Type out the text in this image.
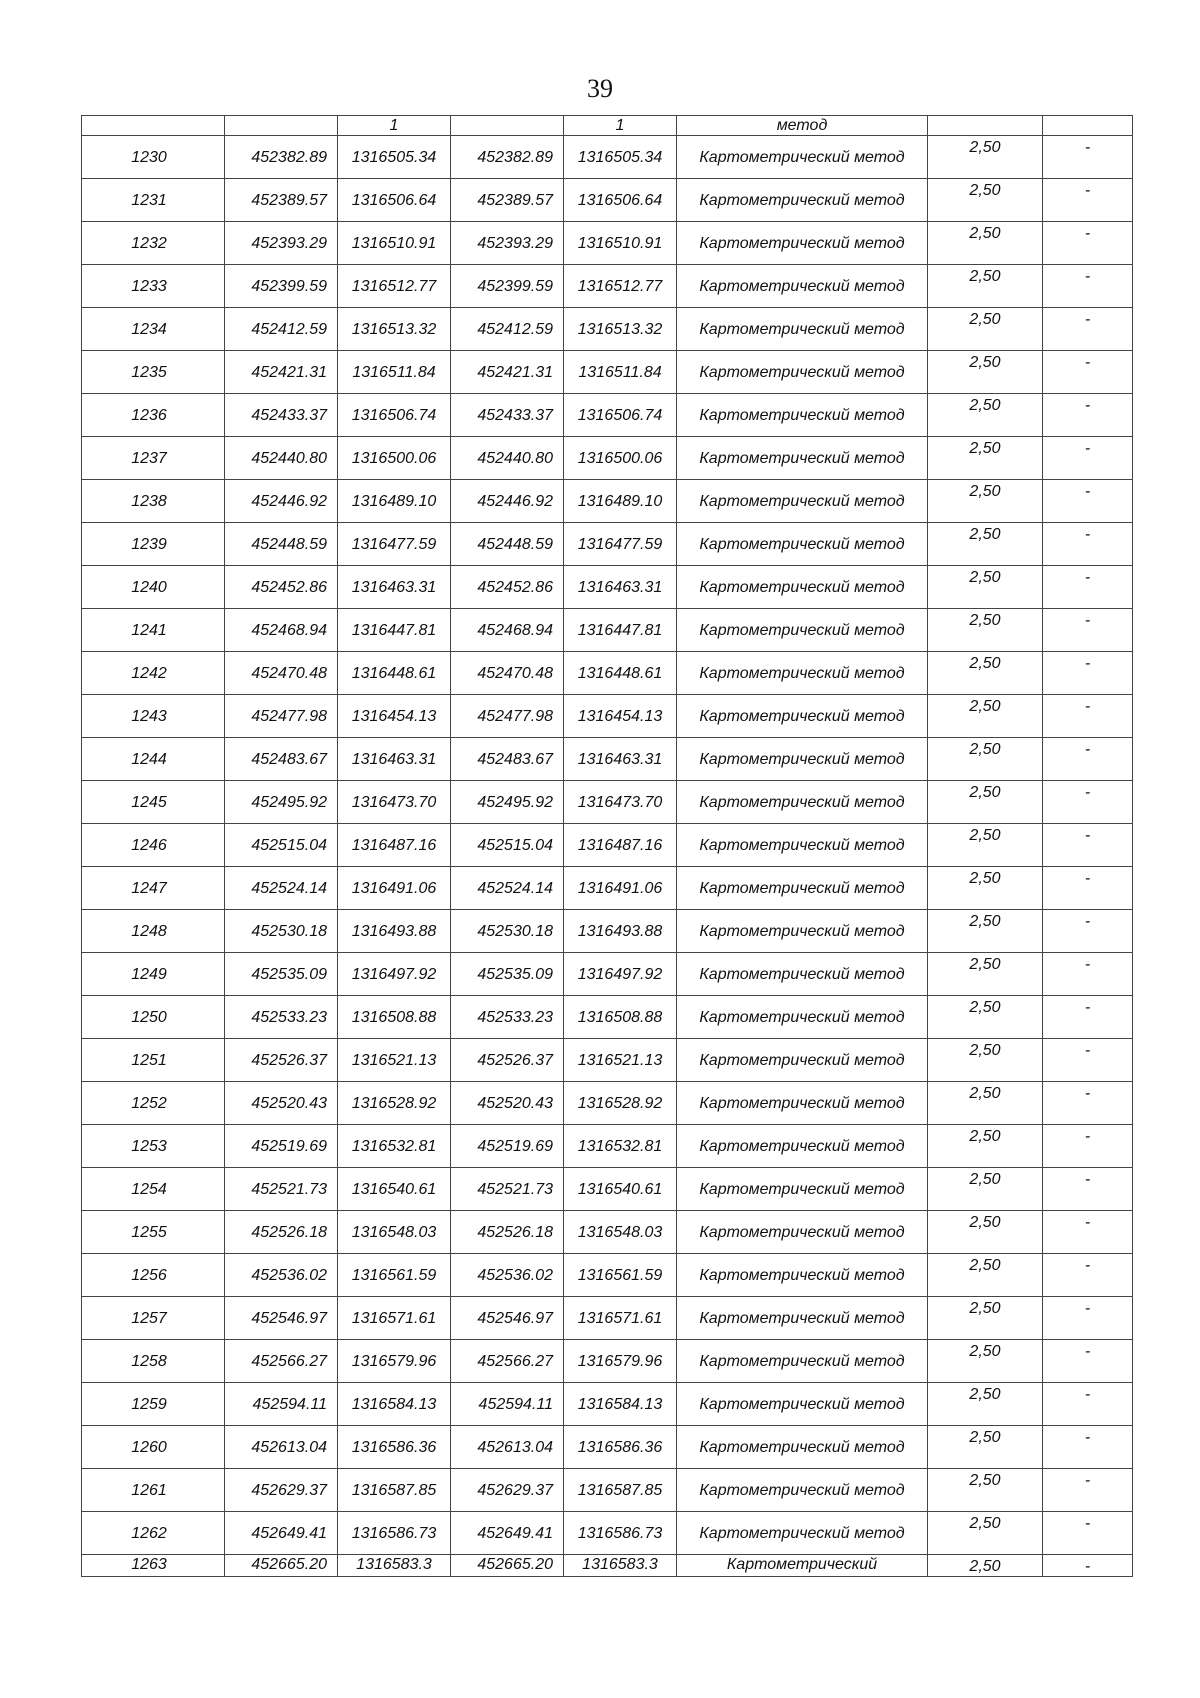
39
		1		1	метод		
1230	452382.89	1316505.34	452382.89	1316505.34	Картометрический метод	2,50	-
1231	452389.57	1316506.64	452389.57	1316506.64	Картометрический метод	2,50	-
1232	452393.29	1316510.91	452393.29	1316510.91	Картометрический метод	2,50	-
1233	452399.59	1316512.77	452399.59	1316512.77	Картометрический метод	2,50	-
1234	452412.59	1316513.32	452412.59	1316513.32	Картометрический метод	2,50	-
1235	452421.31	1316511.84	452421.31	1316511.84	Картометрический метод	2,50	-
1236	452433.37	1316506.74	452433.37	1316506.74	Картометрический метод	2,50	-
1237	452440.80	1316500.06	452440.80	1316500.06	Картометрический метод	2,50	-
1238	452446.92	1316489.10	452446.92	1316489.10	Картометрический метод	2,50	-
1239	452448.59	1316477.59	452448.59	1316477.59	Картометрический метод	2,50	-
1240	452452.86	1316463.31	452452.86	1316463.31	Картометрический метод	2,50	-
1241	452468.94	1316447.81	452468.94	1316447.81	Картометрический метод	2,50	-
1242	452470.48	1316448.61	452470.48	1316448.61	Картометрический метод	2,50	-
1243	452477.98	1316454.13	452477.98	1316454.13	Картометрический метод	2,50	-
1244	452483.67	1316463.31	452483.67	1316463.31	Картометрический метод	2,50	-
1245	452495.92	1316473.70	452495.92	1316473.70	Картометрический метод	2,50	-
1246	452515.04	1316487.16	452515.04	1316487.16	Картометрический метод	2,50	-
1247	452524.14	1316491.06	452524.14	1316491.06	Картометрический метод	2,50	-
1248	452530.18	1316493.88	452530.18	1316493.88	Картометрический метод	2,50	-
1249	452535.09	1316497.92	452535.09	1316497.92	Картометрический метод	2,50	-
1250	452533.23	1316508.88	452533.23	1316508.88	Картометрический метод	2,50	-
1251	452526.37	1316521.13	452526.37	1316521.13	Картометрический метод	2,50	-
1252	452520.43	1316528.92	452520.43	1316528.92	Картометрический метод	2,50	-
1253	452519.69	1316532.81	452519.69	1316532.81	Картометрический метод	2,50	-
1254	452521.73	1316540.61	452521.73	1316540.61	Картометрический метод	2,50	-
1255	452526.18	1316548.03	452526.18	1316548.03	Картометрический метод	2,50	-
1256	452536.02	1316561.59	452536.02	1316561.59	Картометрический метод	2,50	-
1257	452546.97	1316571.61	452546.97	1316571.61	Картометрический метод	2,50	-
1258	452566.27	1316579.96	452566.27	1316579.96	Картометрический метод	2,50	-
1259	452594.11	1316584.13	452594.11	1316584.13	Картометрический метод	2,50	-
1260	452613.04	1316586.36	452613.04	1316586.36	Картометрический метод	2,50	-
1261	452629.37	1316587.85	452629.37	1316587.85	Картометрический метод	2,50	-
1262	452649.41	1316586.73	452649.41	1316586.73	Картометрический метод	2,50	-
1263	452665.20	1316583.3	452665.20	1316583.3	Картометрический	2,50	-
